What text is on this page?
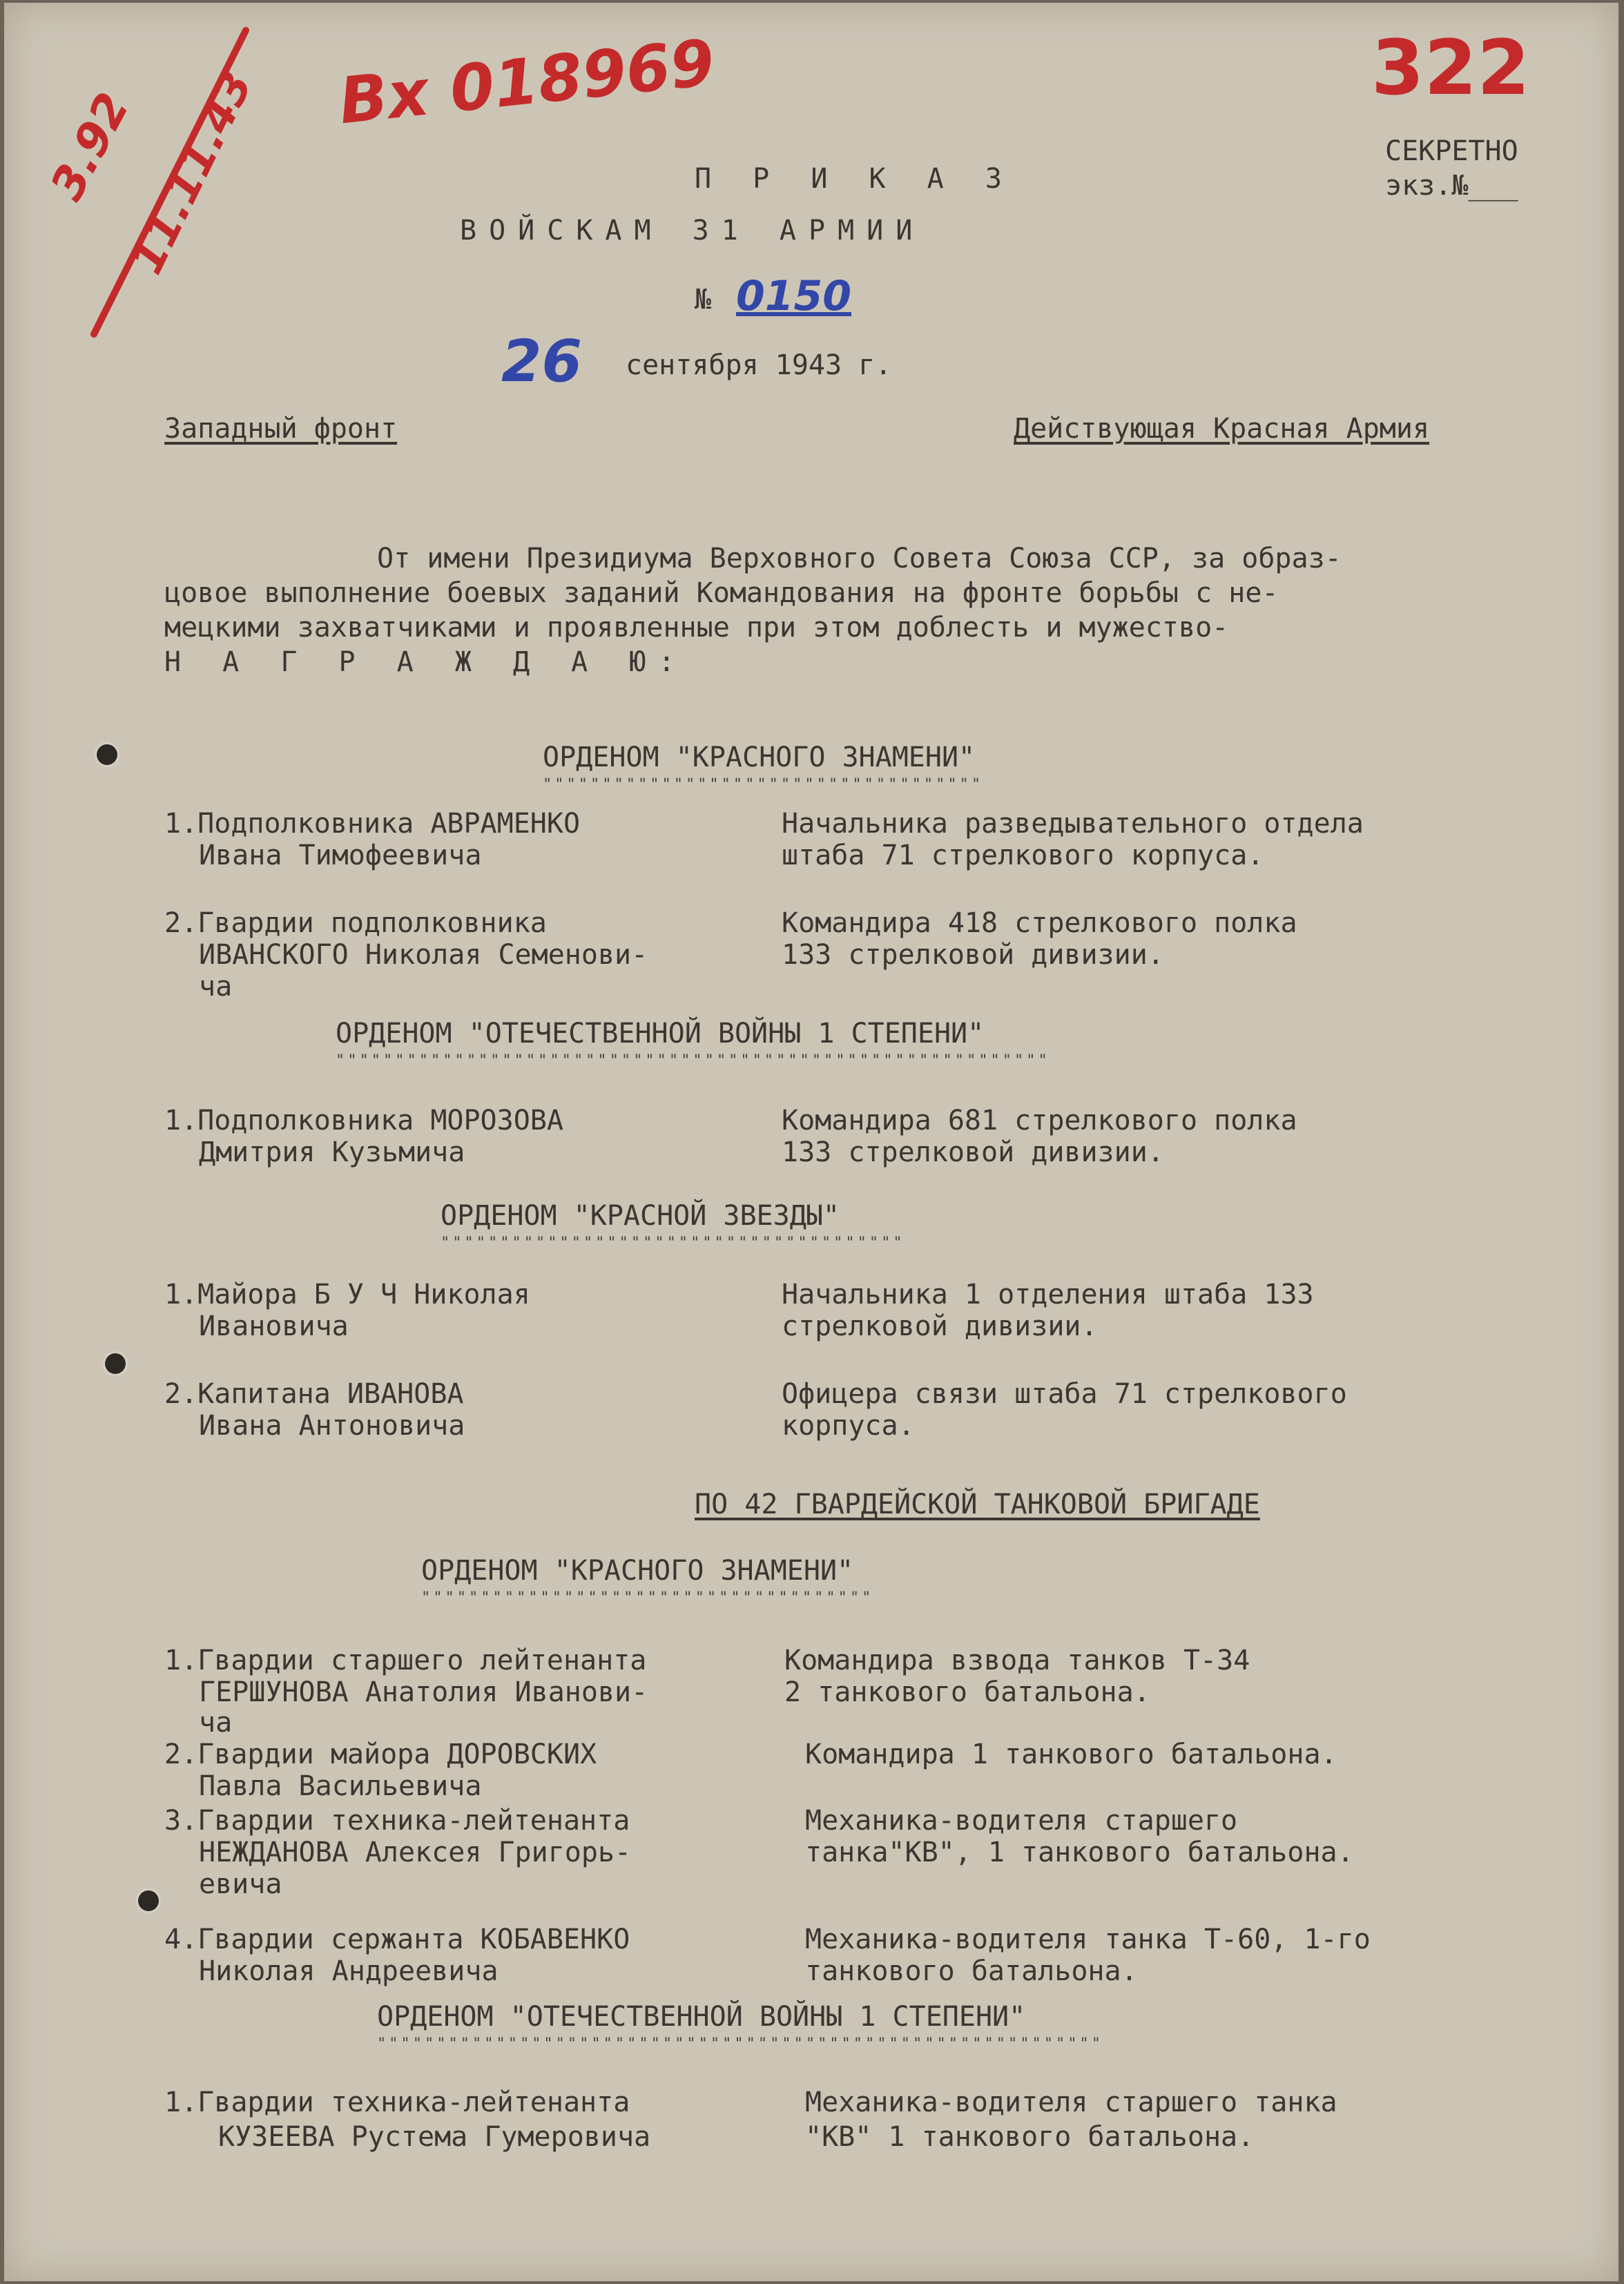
3.92
11.11.43 Вх 018969	322
СЕКРЕТНО
экз.№___
П Р И К А З
ВОЙСКАМ 31 АРМИИ
№ 0150
26 сентября 1943 г.
Западный фронт	Действующая Красная Армия
От имени Президиума Верховного Совета Союза ССР, за образ-
цовое выполнение боевых заданий Командования на фронте борьбы с не-
мецкими захватчиками и проявленные при этом доблесть и мужество-
Н А Г Р А Ж Д А Ю:
ОРДЕНОМ "КРАСНОГО ЗНАМЕНИ"
"""""""""""""""""""""""""""""""""""""
1.Подполковника АВРАМЕНКО
Ивана Тимофеевича
Начальника разведывательного отдела
штаба 71 стрелкового корпуса.
2.Гвардии подполковника
ИВАНСКОГО Николая Семенови-
ча
Командира 418 стрелкового полка
133 стрелковой дивизии.
ОРДЕНОМ "ОТЕЧЕСТВЕННОЙ ВОЙНЫ 1 СТЕПЕНИ"
""""""""""""""""""""""""""""""""""""""""""""""""""""""""""""
1.Подполковника МОРОЗОВА
Дмитрия Кузьмича
Командира 681 стрелкового полка
133 стрелковой дивизии.
ОРДЕНОМ "КРАСНОЙ ЗВЕЗДЫ"
"""""""""""""""""""""""""""""""""""""""
1.Майора Б У Ч Николая
Ивановича
Начальника 1 отделения штаба 133
стрелковой дивизии.
2.Капитана ИВАНОВА
Ивана Антоновича
Офицера связи штаба 71 стрелкового
корпуса.
ПО 42 ГВАРДЕЙСКОЙ ТАНКОВОЙ БРИГАДЕ
ОРДЕНОМ "КРАСНОГО ЗНАМЕНИ"
""""""""""""""""""""""""""""""""""""""
1.Гвардии старшего лейтенанта
ГЕРШУНОВА Анатолия Иванови-
ча
Командира взвода танков Т-34
2 танкового батальона.
2.Гвардии майора ДОРОВСКИХ
Павла Васильевича
Командира 1 танкового батальона.
3.Гвардии техника-лейтенанта
НЕЖДАНОВА Алексея Григорь-
евича
Механика-водителя старшего
танка"КВ", 1 танкового батальона.
4.Гвардии сержанта КОБАВЕНКО
Николая Андреевича
Механика-водителя танка Т-60, 1-го
танкового батальона.
ОРДЕНОМ "ОТЕЧЕСТВЕННОЙ ВОЙНЫ 1 СТЕПЕНИ"
"""""""""""""""""""""""""""""""""""""""""""""""""""""""""""""
1.Гвардии техника-лейтенанта
КУЗЕЕВА Рустема Гумеровича
Механика-водителя старшего танка
"КВ" 1 танкового батальона.
